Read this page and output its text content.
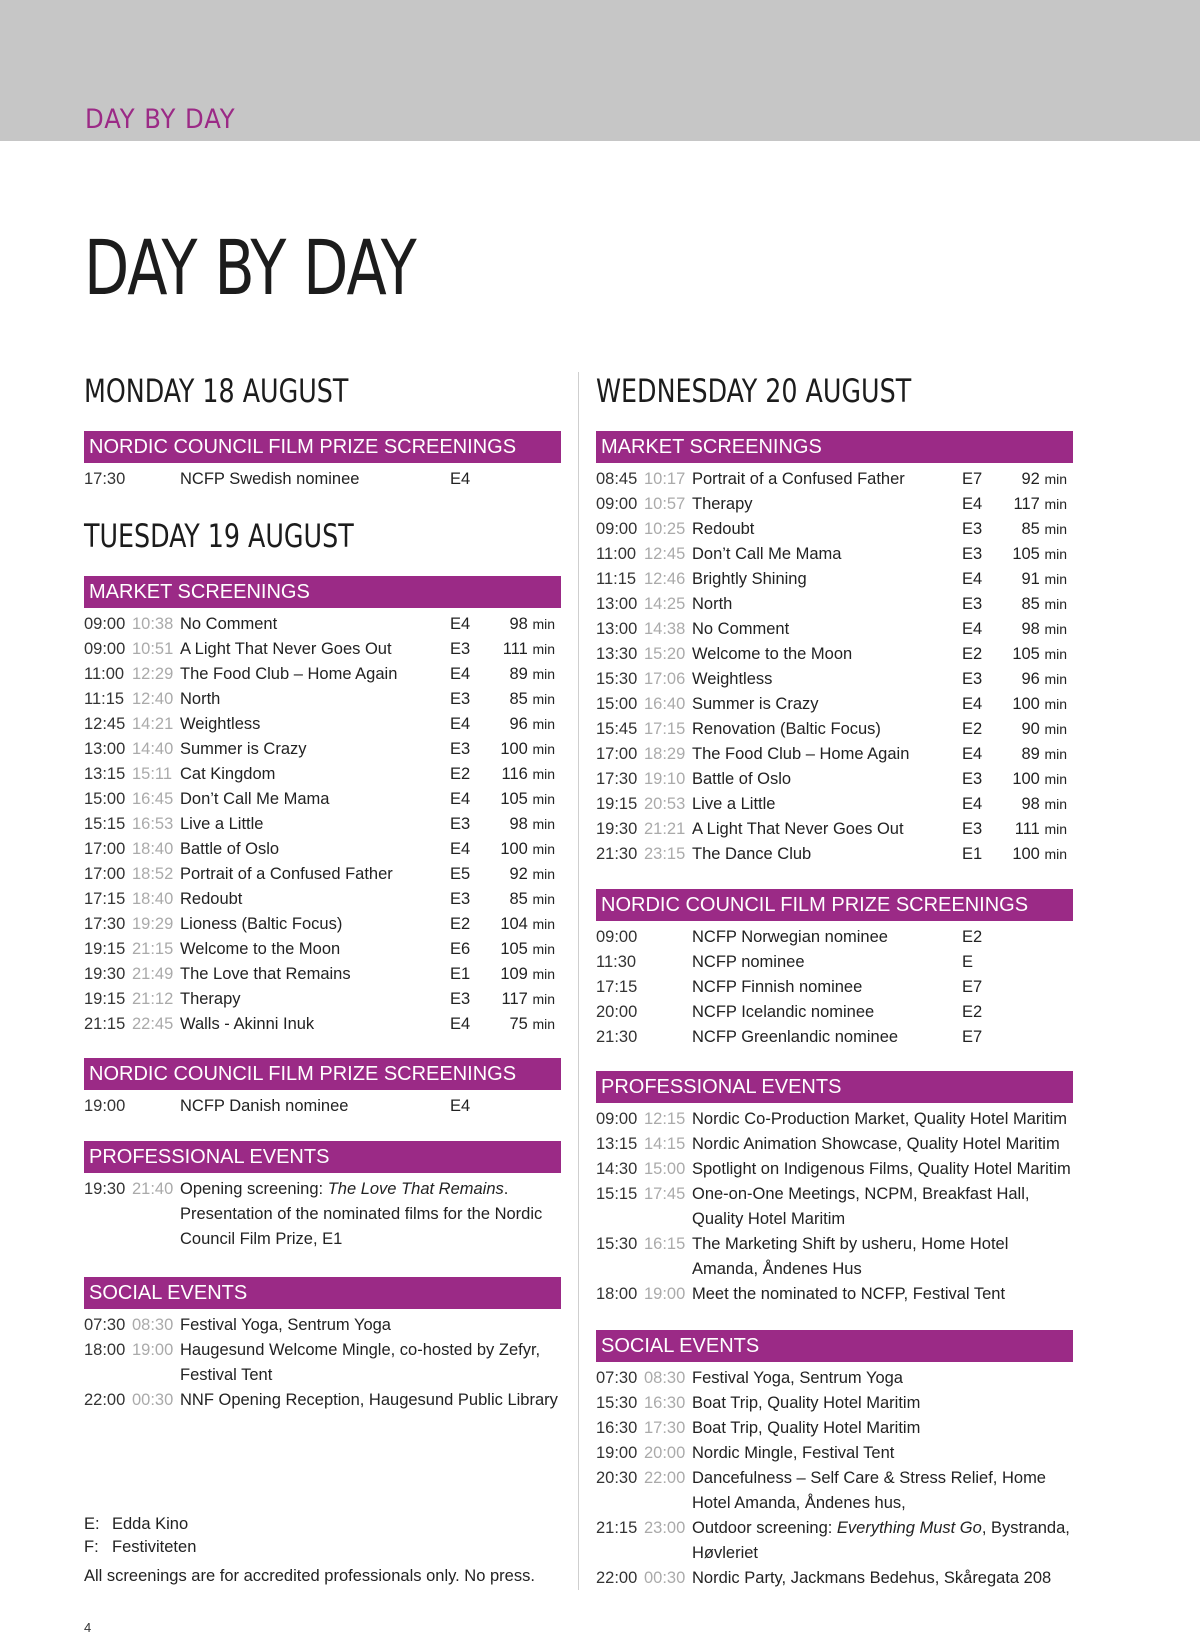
DAY BY DAY
DAY BY DAY
MONDAY 18 AUGUST
NORDIC COUNCIL FILM PRIZE SCREENINGS
17:30	NCFP Swedish nominee	E4
TUESDAY 19 AUGUST
MARKET SCREENINGS
09:00 10:38 No Comment	E4 98 min
09:00 10:51 A Light That Never Goes Out	E3 111 min
11:00 12:29 The Food Club – Home Again	E4 89 min
11:15 12:40 North	E3 85 min
12:45 14:21 Weightless	E4 96 min
13:00 14:40 Summer is Crazy	E3 100 min
13:15 15:11 Cat Kingdom	E2 116 min
15:00 16:45 Don’t Call Me Mama	E4 105 min
15:15 16:53 Live a Little	E3 98 min
17:00 18:40 Battle of Oslo	E4 100 min
17:00 18:52 Portrait of a Confused Father	E5 92 min
17:15 18:40 Redoubt	E3 85 min
17:30 19:29 Lioness (Baltic Focus)	E2 104 min
19:15 21:15 Welcome to the Moon	E6 105 min
19:30 21:49 The Love that Remains	E1 109 min
19:15 21:12 Therapy	E3 117 min
21:15 22:45 Walls - Akinni Inuk	E4 75 min
NORDIC COUNCIL FILM PRIZE SCREENINGS
19:00	NCFP Danish nominee	E4
PROFESSIONAL EVENTS
19:30 21:40 Opening screening: The Love That Remains. Presentation of the nominated films for the Nordic Council Film Prize, E1
SOCIAL EVENTS
07:30 08:30 Festival Yoga, Sentrum Yoga
18:00 19:00 Haugesund Welcome Mingle, co-hosted by Zefyr, Festival Tent
22:00 00:30 NNF Opening Reception, Haugesund Public Library
WEDNESDAY 20 AUGUST
MARKET SCREENINGS
08:45 10:17 Portrait of a Confused Father	E7 92 min
09:00 10:57 Therapy	E4 117 min
09:00 10:25 Redoubt	E3 85 min
11:00 12:45 Don’t Call Me Mama	E3 105 min
11:15 12:46 Brightly Shining	E4 91 min
13:00 14:25 North	E3 85 min
13:00 14:38 No Comment	E4 98 min
13:30 15:20 Welcome to the Moon	E2 105 min
15:30 17:06 Weightless	E3 96 min
15:00 16:40 Summer is Crazy	E4 100 min
15:45 17:15 Renovation (Baltic Focus)	E2 90 min
17:00 18:29 The Food Club – Home Again	E4 89 min
17:30 19:10 Battle of Oslo	E3 100 min
19:15 20:53 Live a Little	E4 98 min
19:30 21:21 A Light That Never Goes Out	E3 111 min
21:30 23:15 The Dance Club	E1 100 min
NORDIC COUNCIL FILM PRIZE SCREENINGS
09:00	NCFP Norwegian nominee	E2
11:30	NCFP nominee	E
17:15	NCFP Finnish nominee	E7
20:00	NCFP Icelandic nominee	E2
21:30	NCFP Greenlandic nominee	E7
PROFESSIONAL EVENTS
09:00 12:15 Nordic Co-Production Market, Quality Hotel Maritim
13:15 14:15 Nordic Animation Showcase, Quality Hotel Maritim
14:30 15:00 Spotlight on Indigenous Films, Quality Hotel Maritim
15:15 17:45 One-on-One Meetings, NCPM, Breakfast Hall, Quality Hotel Maritim
15:30 16:15 The Marketing Shift by usheru, Home Hotel Amanda, Åndenes Hus
18:00 19:00 Meet the nominated to NCFP, Festival Tent
SOCIAL EVENTS
07:30 08:30 Festival Yoga, Sentrum Yoga
15:30 16:30 Boat Trip, Quality Hotel Maritim
16:30 17:30 Boat Trip, Quality Hotel Maritim
19:00 20:00 Nordic Mingle, Festival Tent
20:30 22:00 Dancefulness – Self Care & Stress Relief, Home Hotel Amanda, Åndenes hus,
21:15 23:00 Outdoor screening: Everything Must Go, Bystranda, Høvleriet
22:00 00:30 Nordic Party, Jackmans Bedehus, Skåregata 208
E: Edda Kino
F: Festiviteten
All screenings are for accredited professionals only. No press.
4
